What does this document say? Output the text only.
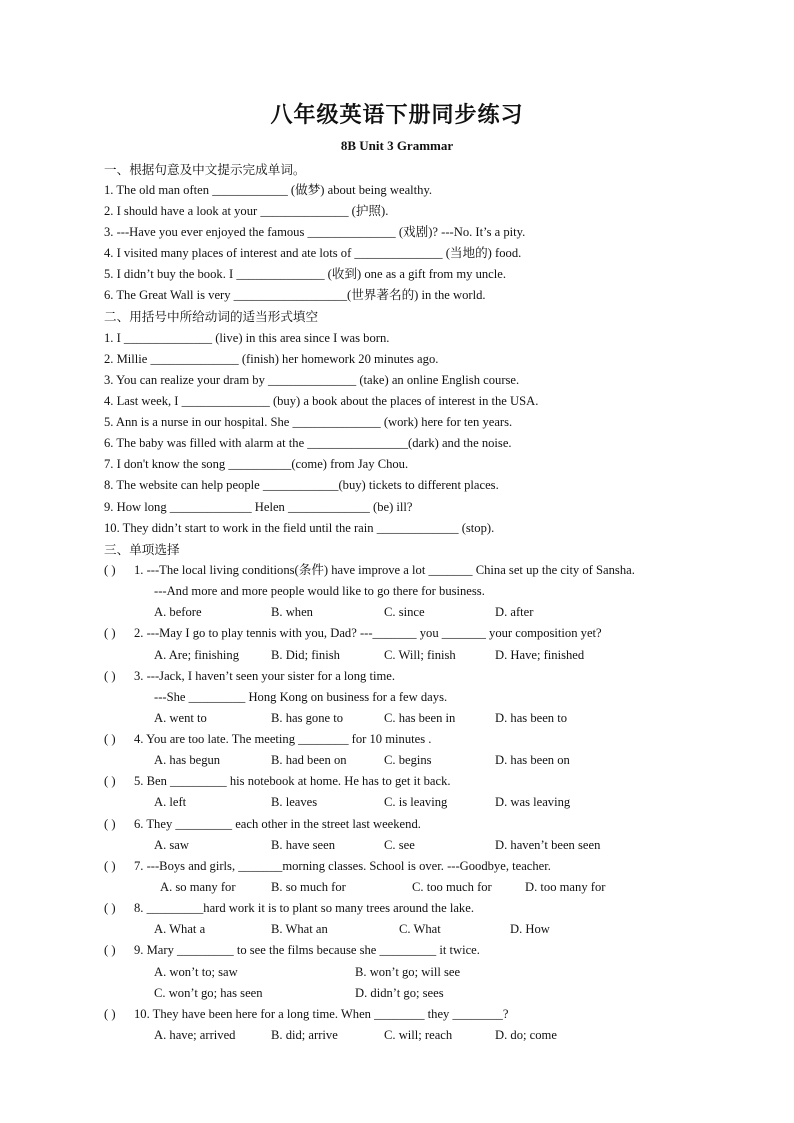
八年级英语下册同步练习
8B Unit 3 Grammar
一、根据句意及中文提示完成单词。
1. The old man often ____________ (做梦) about being wealthy.
2. I should have a look at your ______________ (护照).
3. ---Have you ever enjoyed the famous ______________ (戏剧)? ---No. It’s a pity.
4. I visited many places of interest and ate lots of ______________ (当地的) food.
5. I didn’t buy the book. I ______________ (收到) one as a gift from my uncle.
6. The Great Wall is very __________________(世界著名的) in the world.
二、用括号中所给动词的适当形式填空
1. I ______________ (live) in this area since I was born.
2. Millie ______________ (finish) her homework 20 minutes ago.
3. You can realize your dram by ______________ (take) an online English course.
4. Last week, I ______________ (buy) a book about the places of interest in the USA.
5. Ann is a nurse in our hospital. She ______________ (work) here for ten years.
6. The baby was filled with alarm at the ________________(dark) and the noise.
7. I don't know the song __________(come) from Jay Chou.
8. The website can help people ____________(buy) tickets to different places.
9. How long _____________ Helen _____________ (be) ill?
10. They didn’t start to work in the field until the rain _____________ (stop).
三、单项选择
( ) 1. ---The local living conditions(条件) have improve a lot _______ China set up the city of Sansha.
---And more and more people would like to go there for business.
A. before	B. when	C. since	D. after
( ) 2. ---May I go to play tennis with you, Dad? ---_______ you _______ your composition yet?
A. Are; finishing	B. Did; finish	C. Will; finish	D. Have; finished
( ) 3. ---Jack, I haven’t seen your sister for a long time.
---She _________ Hong Kong on business for a few days.
A. went to	B. has gone to	C. has been in	D. has been to
( ) 4. You are too late. The meeting ________ for 10 minutes .
A. has begun	B. had been on	C. begins	D. has been on
( ) 5. Ben _________ his notebook at home. He has to get it back.
A. left	B. leaves	C. is leaving	D. was leaving
( ) 6. They _________ each other in the street last weekend.
A. saw	B. have seen	C. see	D. haven’t been seen
( ) 7. ---Boys and girls, _______morning classes. School is over. ---Goodbye, teacher.
A. so many for	B. so much for	C. too much for	D. too many for
( ) 8. _________hard work it is to plant so many trees around the lake.
A. What a	B. What an	C. What	D. How
( ) 9. Mary _________ to see the films because she _________ it twice.
A. won’t to; saw	B. won’t go; will see
C. won’t go; has seen	D. didn’t go; sees
( ) 10. They have been here for a long time. When ________ they ________?
A. have; arrived	B. did; arrive	C. will; reach	D. do; come
